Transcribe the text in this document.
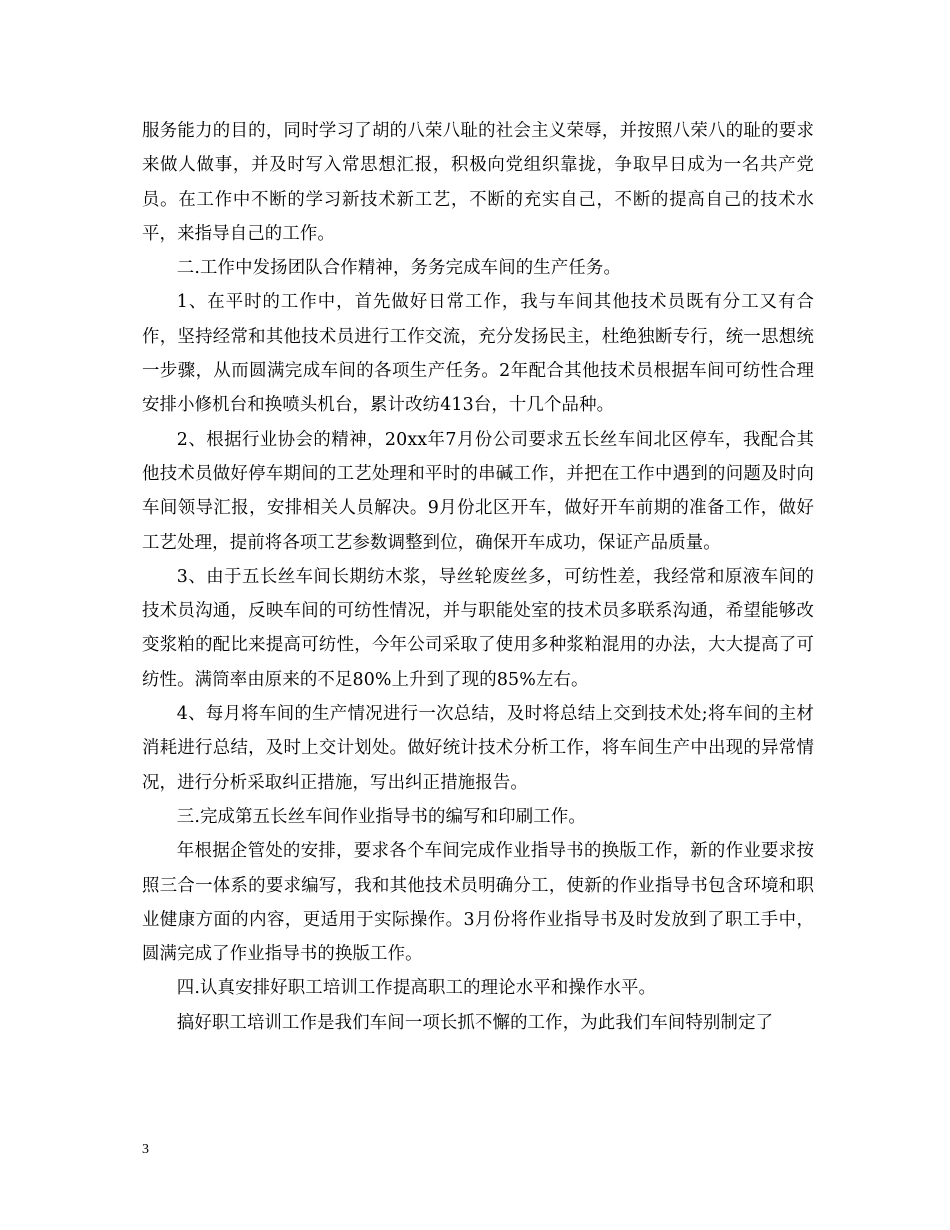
服务能力的目的，同时学习了胡的八荣八耻的社会主义荣辱，并按照八荣八的耻的要求来做人做事，并及时写入常思想汇报，积极向党组织靠拢，争取早日成为一名共产党员。在工作中不断的学习新技术新工艺，不断的充实自己，不断的提高自己的技术水平，来指导自己的工作。

二.工作中发扬团队合作精神，务务完成车间的生产任务。

1、在平时的工作中，首先做好日常工作，我与车间其他技术员既有分工又有合作，坚持经常和其他技术员进行工作交流，充分发扬民主，杜绝独断专行，统一思想统一步骤，从而圆满完成车间的各项生产任务。2年配合其他技术员根据车间可纺性合理安排小修机台和换喷头机台，累计改纺413台，十几个品种。

2、根据行业协会的精神，20xx年7月份公司要求五长丝车间北区停车，我配合其他技术员做好停车期间的工艺处理和平时的串碱工作，并把在工作中遇到的问题及时向车间领导汇报，安排相关人员解决。9月份北区开车，做好开车前期的准备工作，做好工艺处理，提前将各项工艺参数调整到位，确保开车成功，保证产品质量。

3、由于五长丝车间长期纺木浆，导丝轮废丝多，可纺性差，我经常和原液车间的技术员沟通，反映车间的可纺性情况，并与职能处室的技术员多联系沟通，希望能够改变浆粕的配比来提高可纺性，今年公司采取了使用多种浆粕混用的办法，大大提高了可纺性。满筒率由原来的不足80%上升到了现的85%左右。

4、每月将车间的生产情况进行一次总结，及时将总结上交到技术处;将车间的主材消耗进行总结，及时上交计划处。做好统计技术分析工作，将车间生产中出现的异常情况，进行分析采取纠正措施，写出纠正措施报告。

三.完成第五长丝车间作业指导书的编写和印刷工作。

年根据企管处的安排，要求各个车间完成作业指导书的换版工作，新的作业要求按照三合一体系的要求编写，我和其他技术员明确分工，使新的作业指导书包含环境和职业健康方面的内容，更适用于实际操作。3月份将作业指导书及时发放到了职工手中，圆满完成了作业指导书的换版工作。

四.认真安排好职工培训工作提高职工的理论水平和操作水平。

搞好职工培训工作是我们车间一项长抓不懈的工作，为此我们车间特别制定了

3
